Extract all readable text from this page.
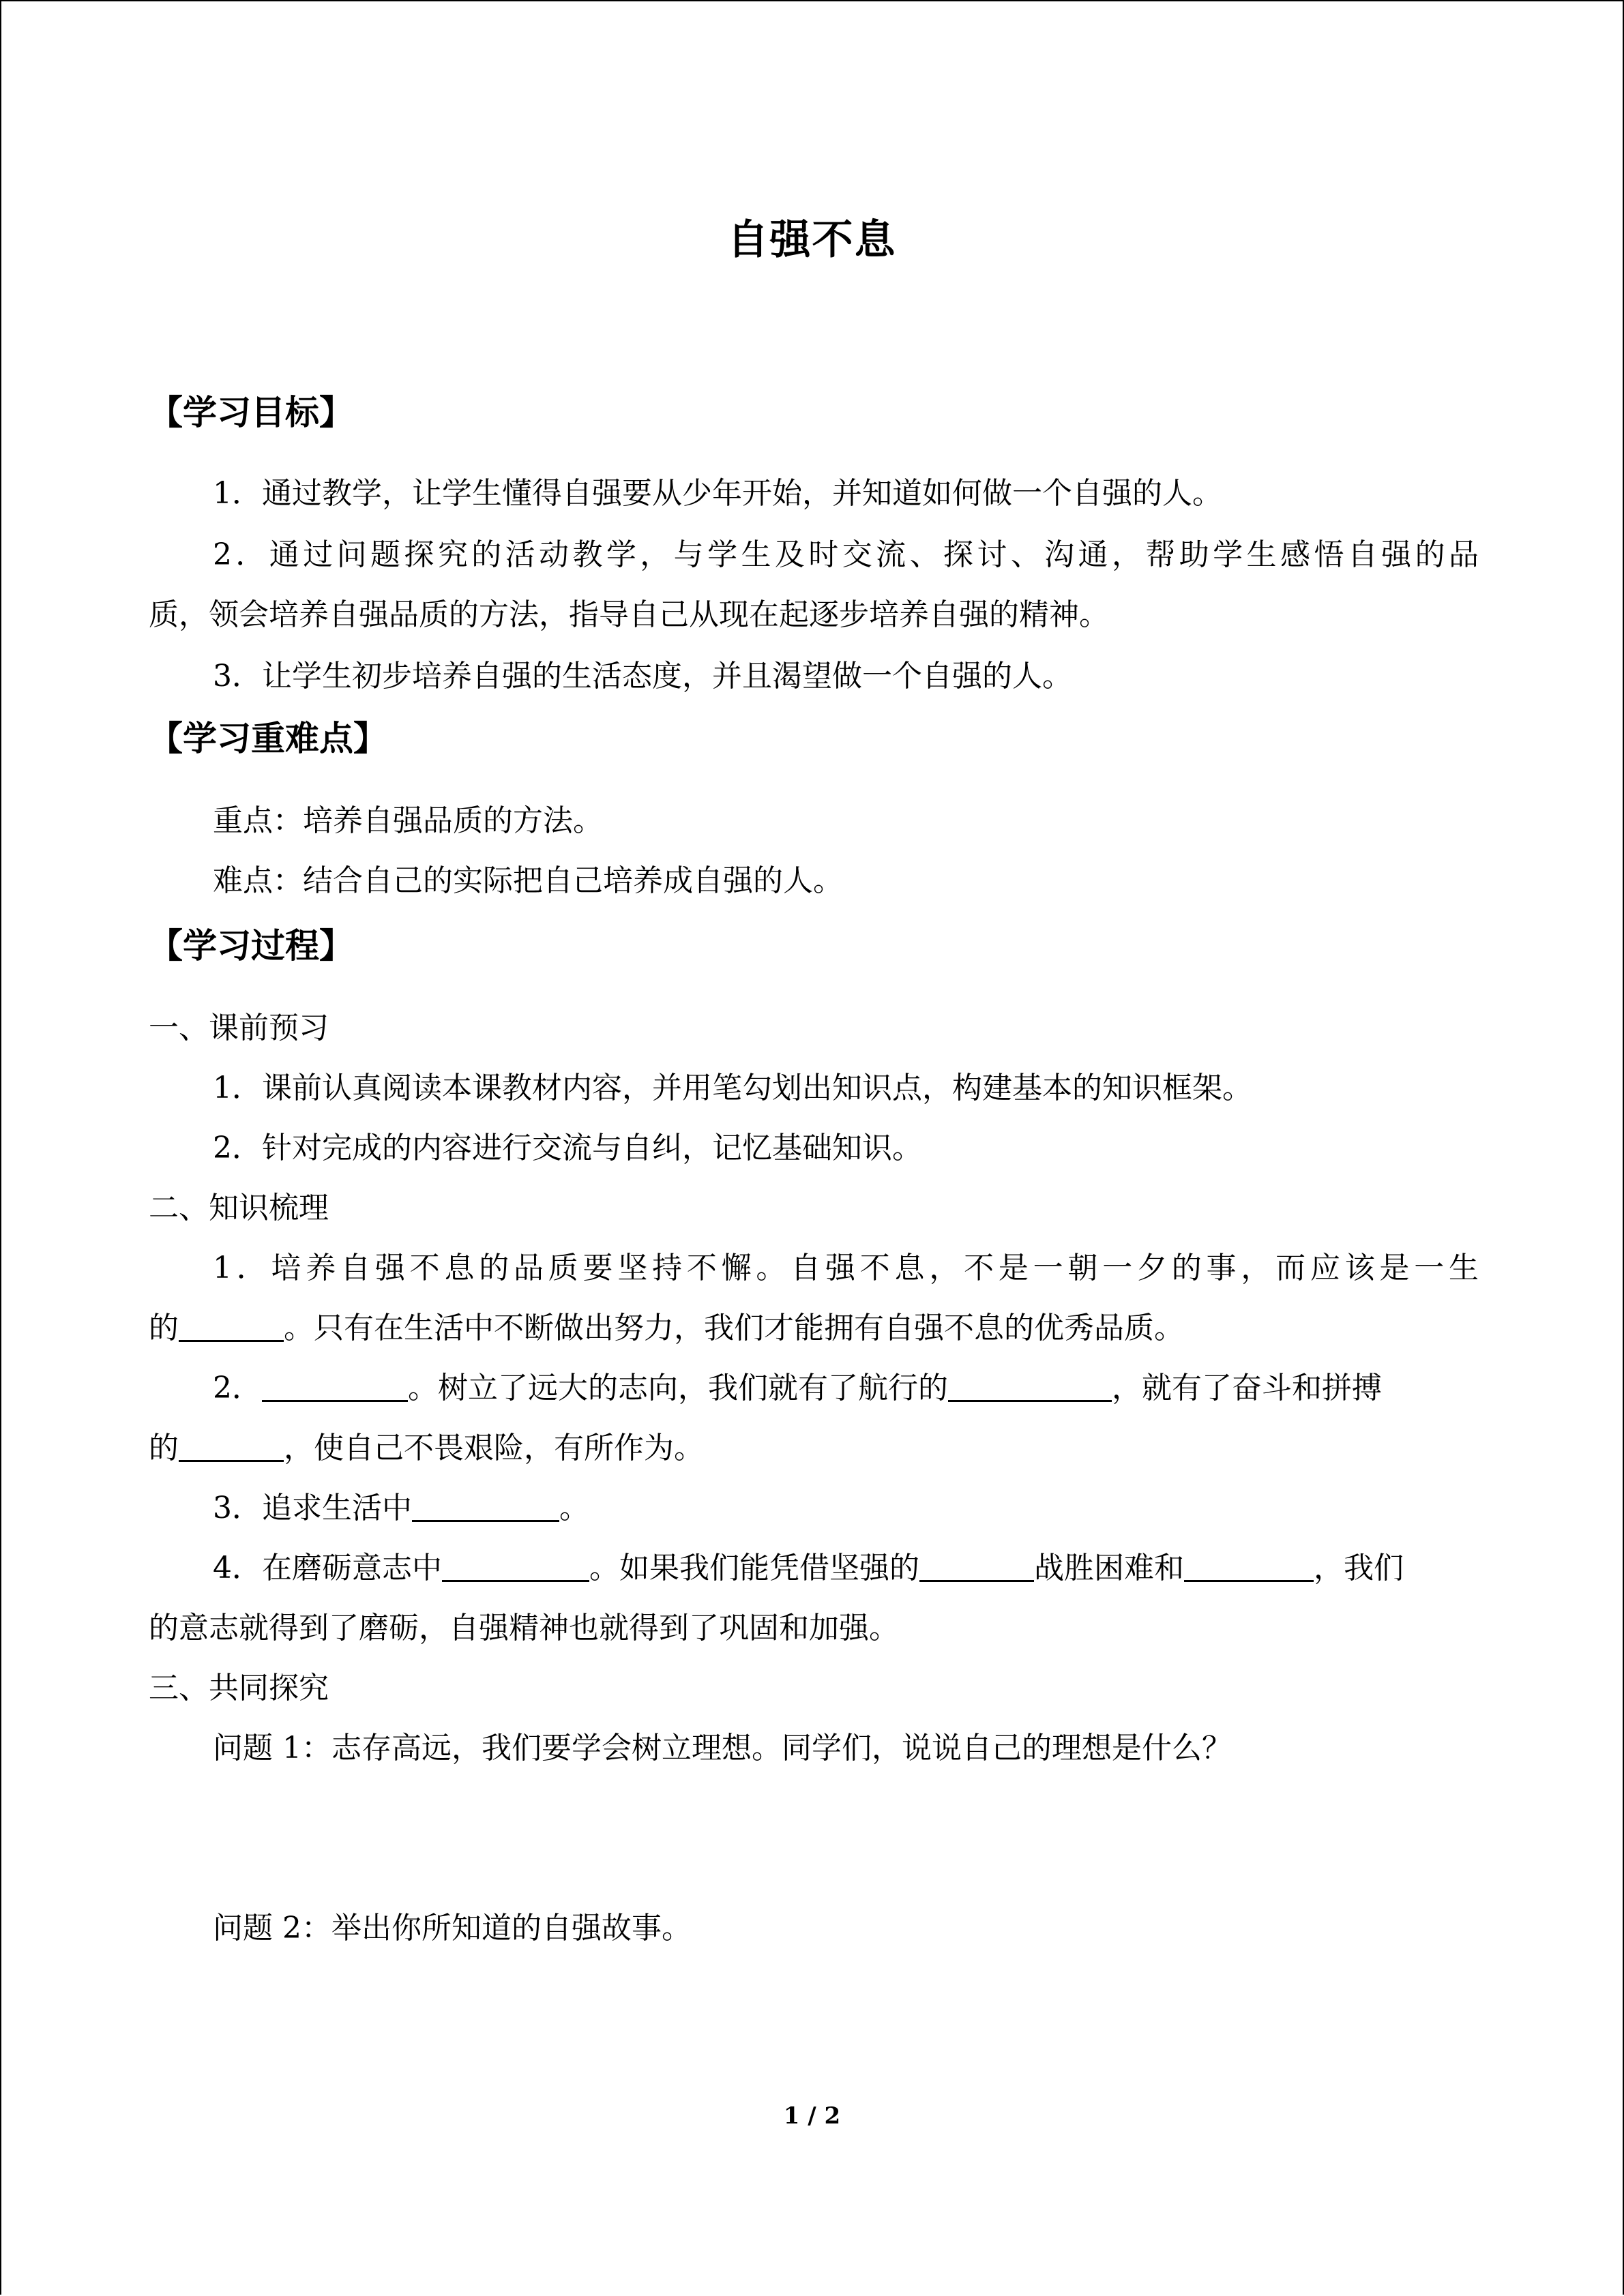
自强不息
【学习目标】
1．通过教学，让学生懂得自强要从少年开始，并知道如何做一个自强的人。
2．通过问题探究的活动教学，与学生及时交流、探讨、沟通，帮助学生感悟自强的品
质，领会培养自强品质的方法，指导自己从现在起逐步培养自强的精神。
3．让学生初步培养自强的生活态度，并且渴望做一个自强的人。
【学习重难点】
重点：培养自强品质的方法。
难点：结合自己的实际把自己培养成自强的人。
【学习过程】
一、课前预习
1．课前认真阅读本课教材内容，并用笔勾划出知识点，构建基本的知识框架。
2．针对完成的内容进行交流与自纠，记忆基础知识。
二、知识梳理
1．培养自强不息的品质要坚持不懈。自强不息，不是一朝一夕的事，而应该是一生
的	。只有在生活中不断做出努力，我们才能拥有自强不息的优秀品质。
2．	。树立了远大的志向，我们就有了航行的	，就有了奋斗和拼搏
的	，使自己不畏艰险，有所作为。
3．追求生活中	。
4．在磨砺意志中	。如果我们能凭借坚强的	战胜困难和	，我们
的意志就得到了磨砺，自强精神也就得到了巩固和加强。
三、共同探究
问题 1：志存高远，我们要学会树立理想。同学们，说说自己的理想是什么？
问题 2：举出你所知道的自强故事。
1 / 2
